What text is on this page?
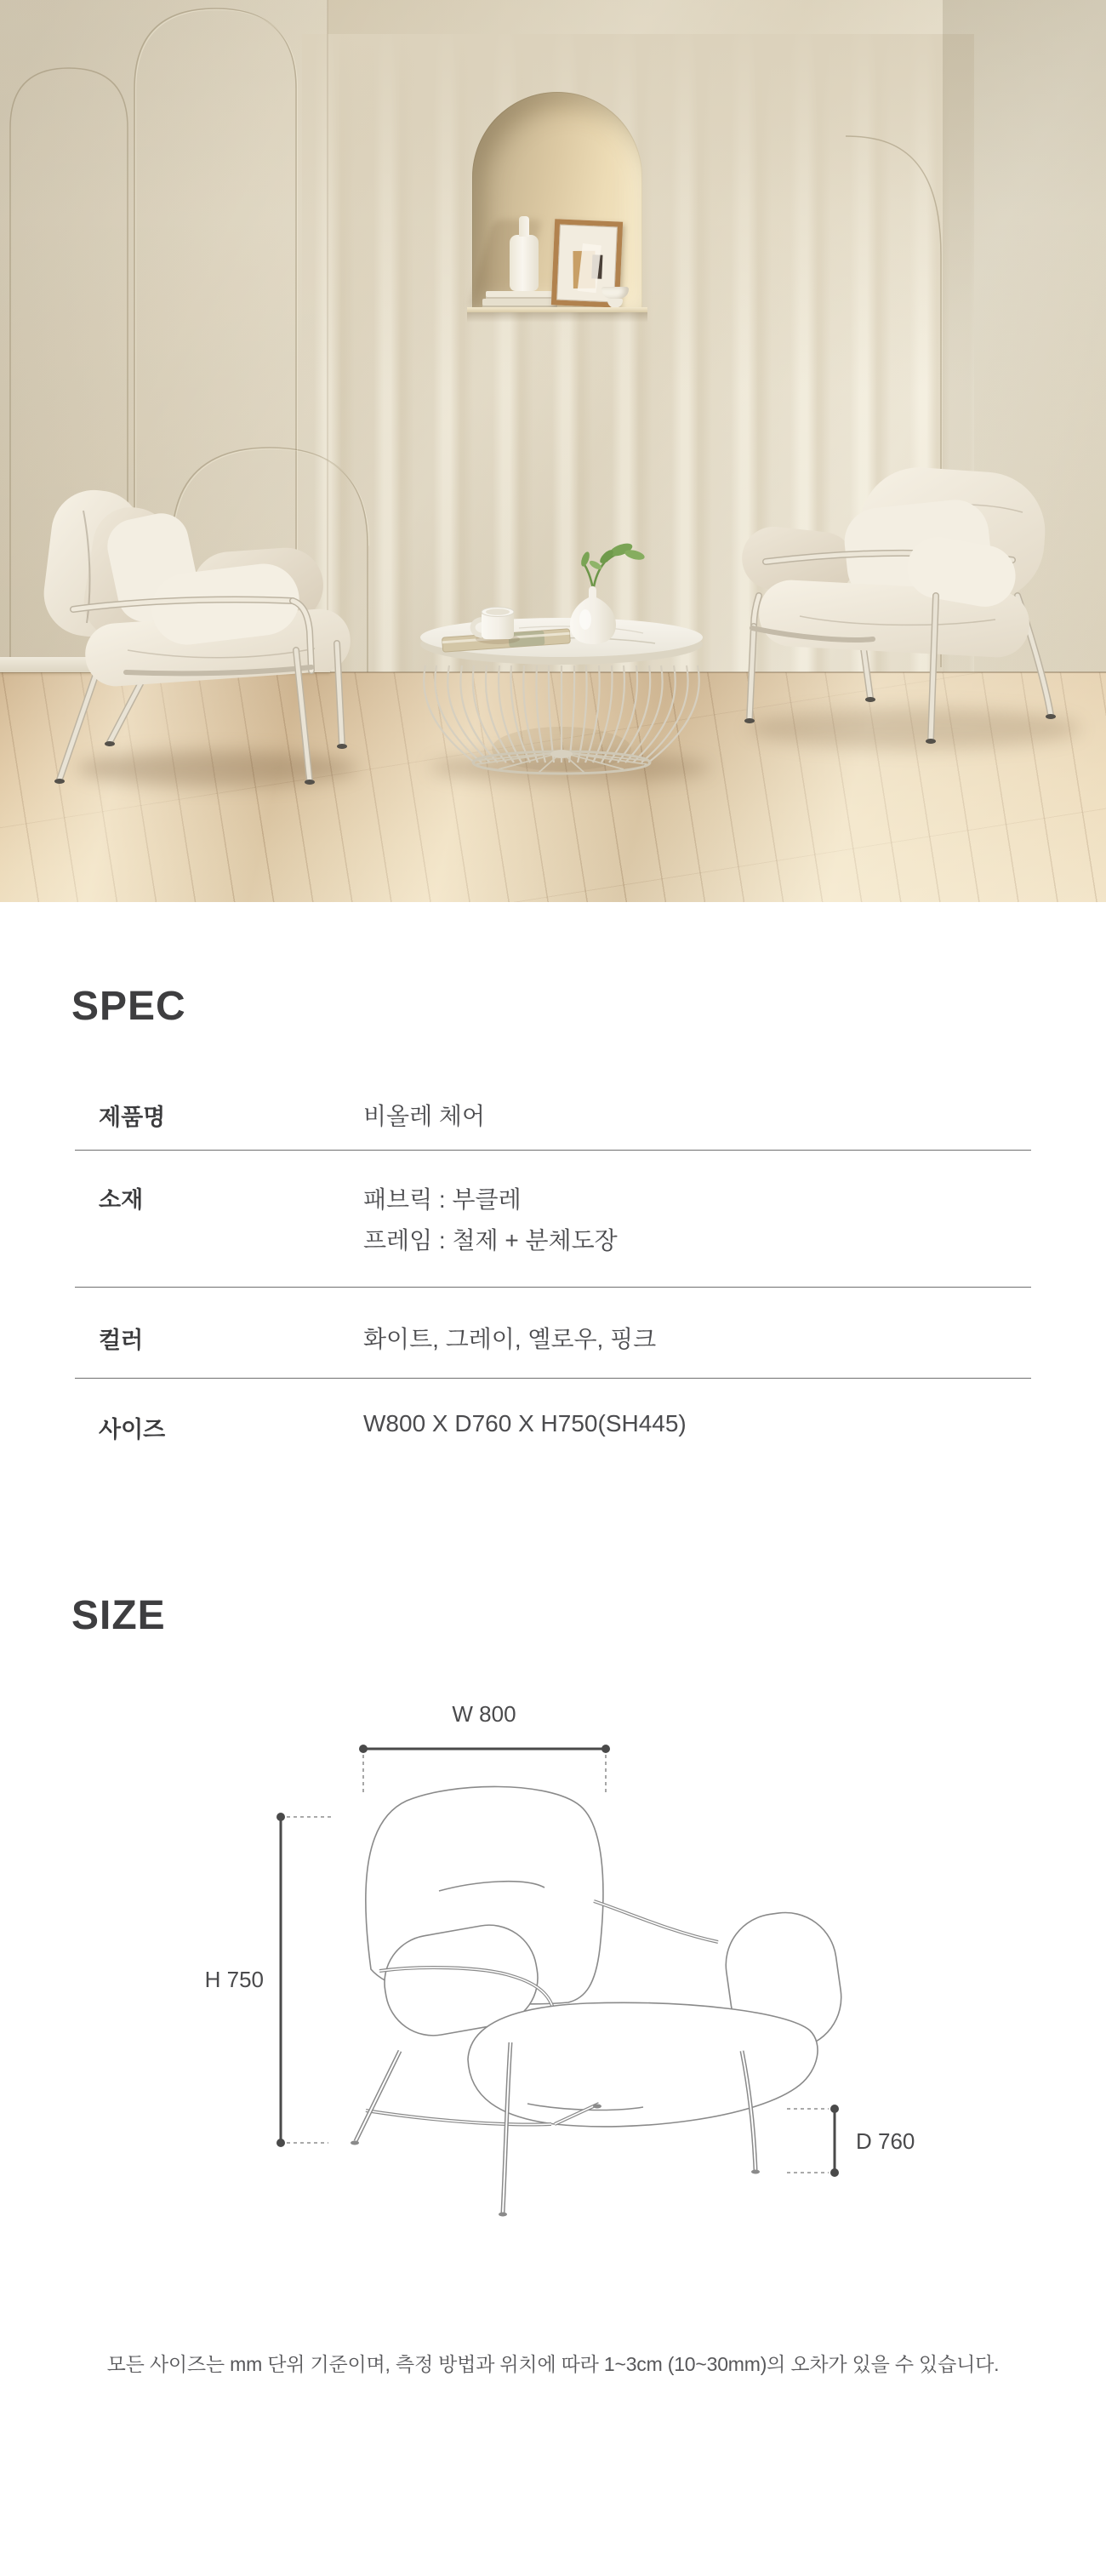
SPEC
제품명	비올레 체어
소재	패브릭 : 부클레
프레임 : 철제 + 분체도장
컬러	화이트, 그레이, 옐로우, 핑크
사이즈	W800 X D760 X H750(SH445)
SIZE
W 800
H 750
D 760

모든 사이즈는 mm 단위 기준이며, 측정 방법과 위치에 따라 1~3cm (10~30mm)의 오차가 있을 수 있습니다.
